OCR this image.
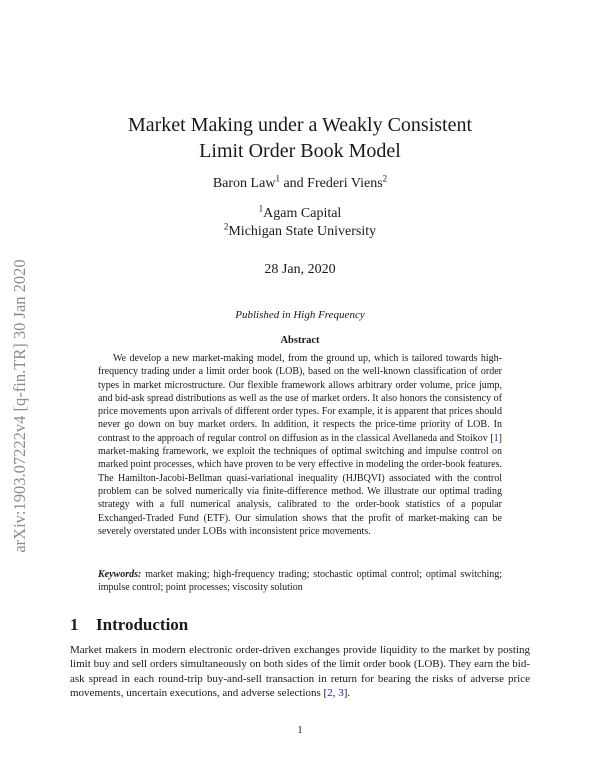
arXiv:1903.07222v4 [q-fin.TR] 30 Jan 2020
Market Making under a Weakly Consistent
Limit Order Book Model
Baron Law$^1$ and Frederi Viens$^2$
$^1$Agam Capital
$^2$Michigan State University
28 Jan, 2020
Published in High Frequency
Abstract

We develop a new market-making model, from the ground up, which is tailored towards high-frequency trading under a limit order book (LOB), based on the well-known classification of order types in market microstructure. Our flexible framework allows arbitrary order volume, price jump, and bid-ask spread distributions as well as the use of market orders. It also honors the consistency of price movements upon arrivals of different order types. For example, it is apparent that prices should never go down on buy market orders. In addition, it respects the price-time priority of LOB. In contrast to the approach of regular control on diffusion as in the classical Avellaneda and Stoikov [1] market-making framework, we exploit the techniques of optimal switching and impulse control on marked point processes, which have proven to be very effective in modeling the order-book features. The Hamilton-Jacobi-Bellman quasi-variational inequality (HJBQVI) associated with the control problem can be solved numerically via finite-difference method. We illustrate our optimal trading strategy with a full numerical analysis, calibrated to the order-book statistics of a popular Exchanged-Traded Fund (ETF). Our simulation shows that the profit of market-making can be severely overstated under LOBs with inconsistent price movements.

Keywords: market making; high-frequency trading; stochastic optimal control; optimal switching; impulse control; point processes; viscosity solution

1 Introduction

Market makers in modern electronic order-driven exchanges provide liquidity to the market by posting limit buy and sell orders simultaneously on both sides of the limit order book (LOB). They earn the bid-ask spread in each round-trip buy-and-sell transaction in return for bearing the risks of adverse price movements, uncertain executions, and adverse selections [2, 3].

1
